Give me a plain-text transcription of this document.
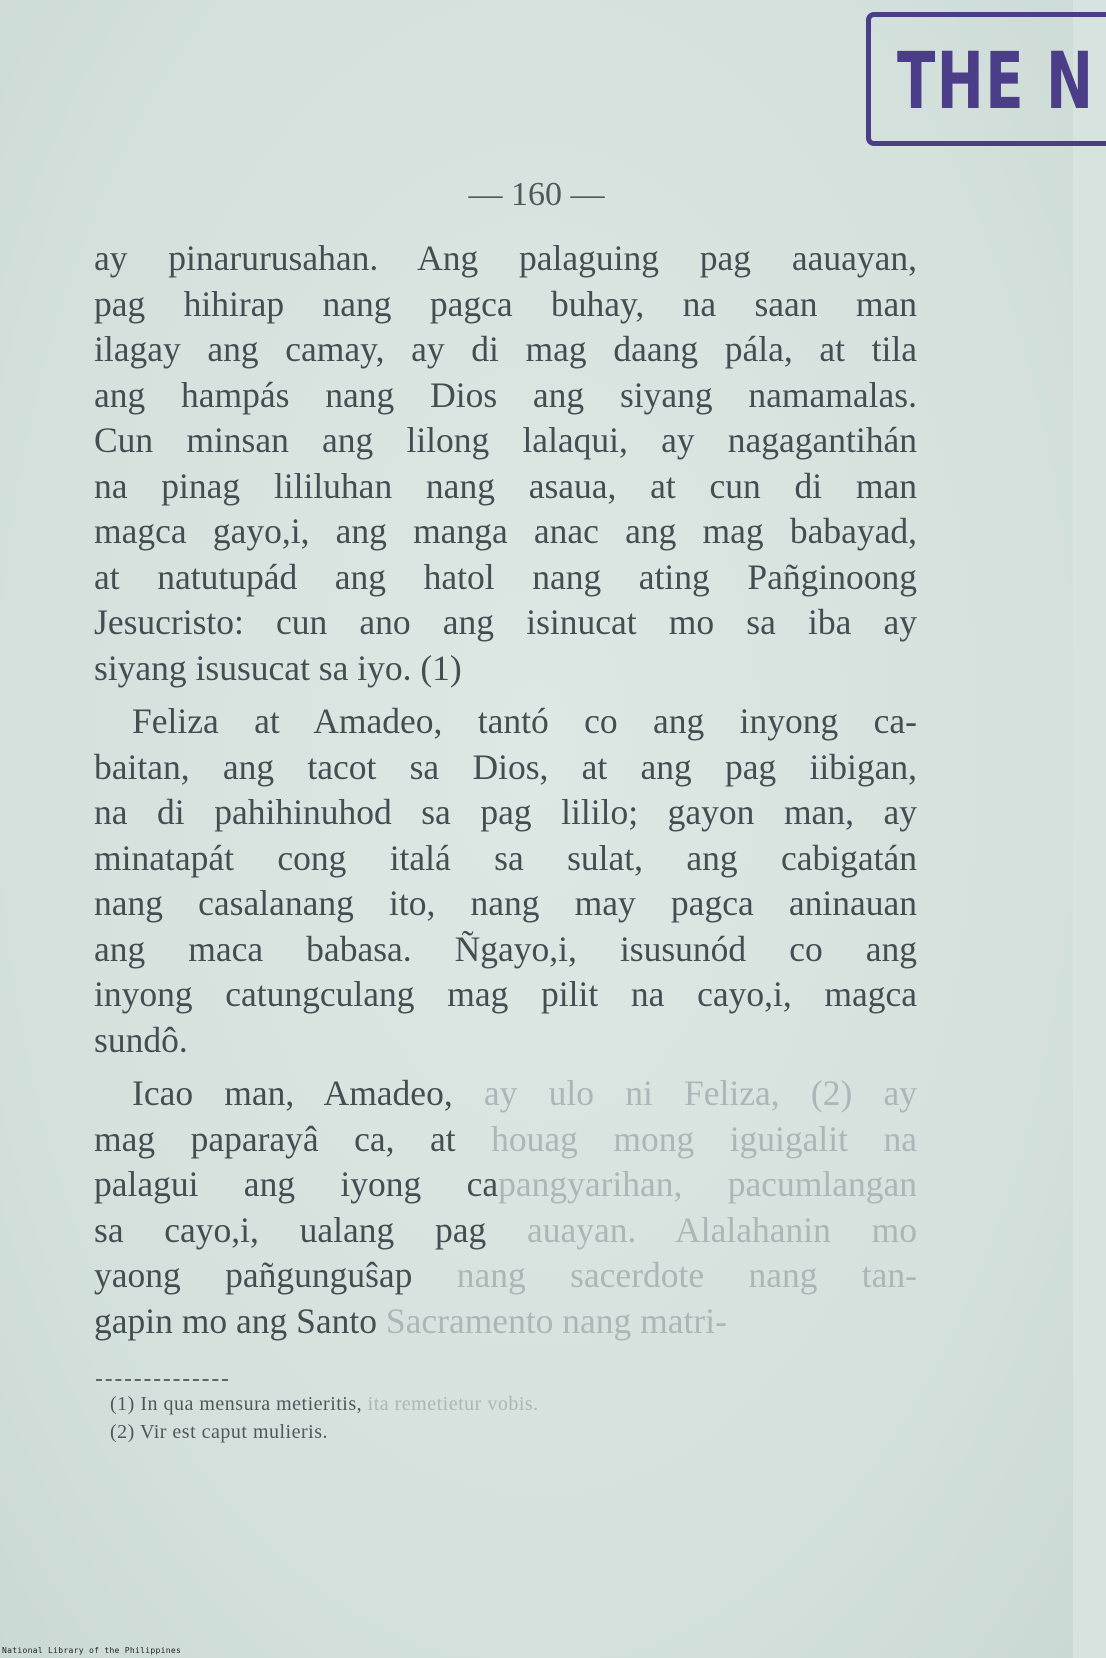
THE N
— 160 —
ay pinarurusahan. Ang palaguing pag aauayan,
pag hihirap nang pagca buhay, na saan man
ilagay ang camay, ay di mag daang pála, at tila
ang hampás nang Dios ang siyang namamalas.
Cun minsan ang lilong lalaqui, ay nagagantihán
na pinag lililuhan nang asaua, at cun di man
magca gayo,i, ang manga anac ang mag babayad,
at natutupád ang hatol nang ating Pañginoong
Jesucristo: cun ano ang isinucat mo sa iba ay
siyang isusucat sa iyo. (1)
Feliza at Amadeo, tantó co ang inyong ca-
baitan, ang tacot sa Dios, at ang pag iibigan,
na di pahihinuhod sa pag lililo; gayon man, ay
minatapát cong italá sa sulat, ang cabigatán
nang casalanang ito, nang may pagca aninauan
ang maca babasa. Ñgayo,i, isusunód co ang
inyong catungculang mag pilit na cayo,i, magca
sundô.
Icao man, Amadeo, ay ulo ni Feliza, (2) ay
mag paparayâ ca, at houag mong iguigalit na
palagui ang iyong capangyarihan, pacumlangan
sa cayo,i, ualang pag auayan. Alalahanin mo
yaong pañgunguŝap nang sacerdote nang tan-
gapin mo ang Santo Sacramento nang matri-
(1) In qua mensura metieritis, ita remetietur vobis.
(2) Vir est caput mulieris.
National Library of the Philippines
